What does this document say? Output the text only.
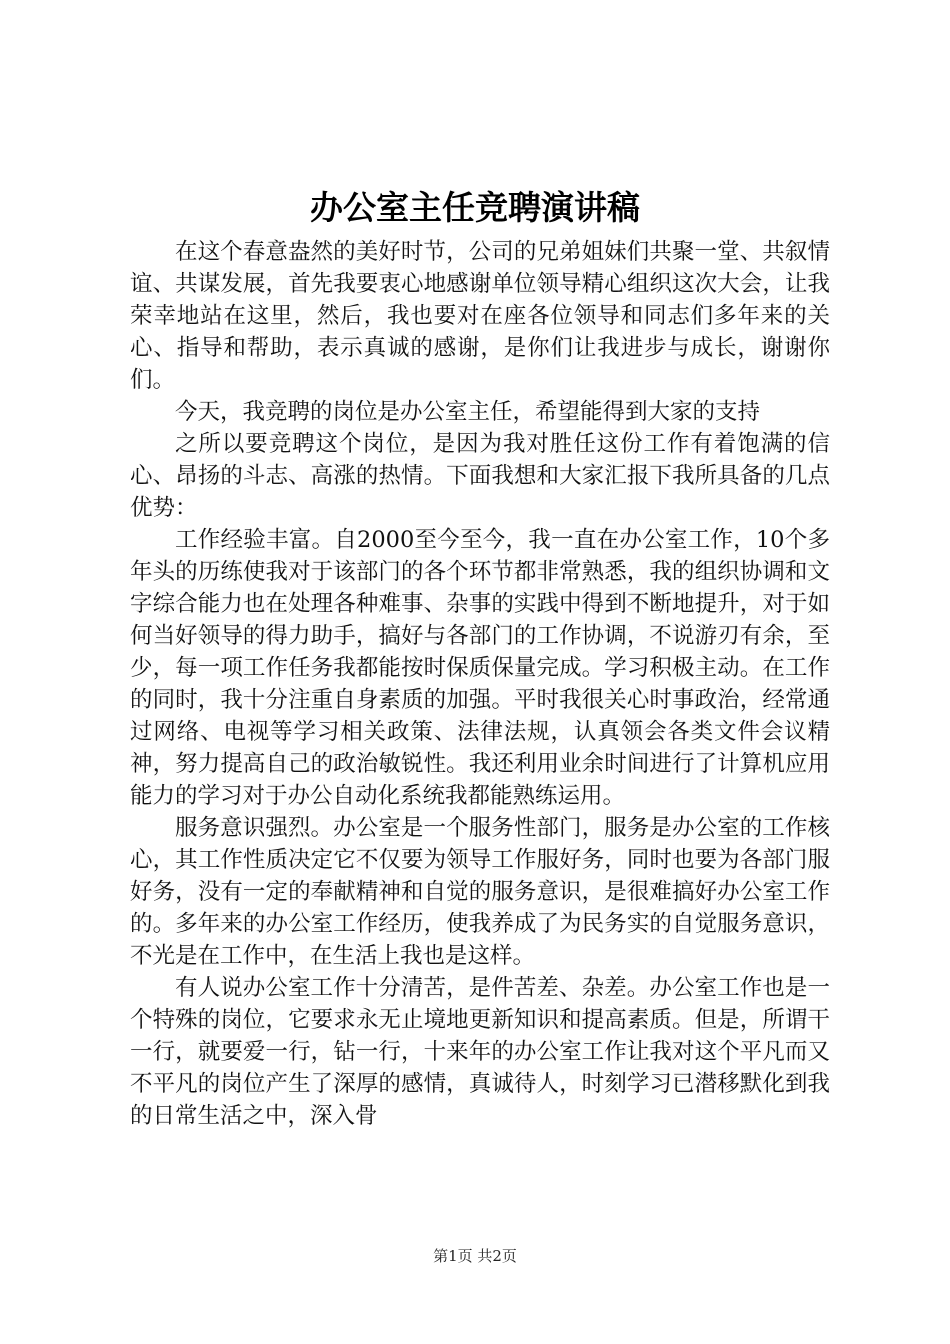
办公室主任竞聘演讲稿

在这个春意盎然的美好时节，公司的兄弟姐妹们共聚一堂、共叙情谊、共谋发展，首先我要衷心地感谢单位领导精心组织这次大会，让我荣幸地站在这里，然后，我也要对在座各位领导和同志们多年来的关心、指导和帮助，表示真诚的感谢，是你们让我进步与成长，谢谢你们。

今天，我竞聘的岗位是办公室主任，希望能得到大家的支持

之所以要竞聘这个岗位，是因为我对胜任这份工作有着饱满的信心、昂扬的斗志、高涨的热情。下面我想和大家汇报下我所具备的几点优势：

工作经验丰富。自2000至今至今，我一直在办公室工作，10个多年头的历练使我对于该部门的各个环节都非常熟悉，我的组织协调和文字综合能力也在处理各种难事、杂事的实践中得到不断地提升，对于如何当好领导的得力助手，搞好与各部门的工作协调，不说游刃有余，至少，每一项工作任务我都能按时保质保量完成。学习积极主动。在工作的同时，我十分注重自身素质的加强。平时我很关心时事政治，经常通过网络、电视等学习相关政策、法律法规，认真领会各类文件会议精神，努力提高自己的政治敏锐性。我还利用业余时间进行了计算机应用能力的学习对于办公自动化系统我都能熟练运用。

服务意识强烈。办公室是一个服务性部门，服务是办公室的工作核心，其工作性质决定它不仅要为领导工作服好务，同时也要为各部门服好务，没有一定的奉献精神和自觉的服务意识，是很难搞好办公室工作的。多年来的办公室工作经历，使我养成了为民务实的自觉服务意识，不光是在工作中，在生活上我也是这样。

有人说办公室工作十分清苦，是件苦差、杂差。办公室工作也是一个特殊的岗位，它要求永无止境地更新知识和提高素质。但是，所谓干一行，就要爱一行，钻一行，十来年的办公室工作让我对这个平凡而又不平凡的岗位产生了深厚的感情，真诚待人，时刻学习已潜移默化到我的日常生活之中，深入骨

第1页 共2页
